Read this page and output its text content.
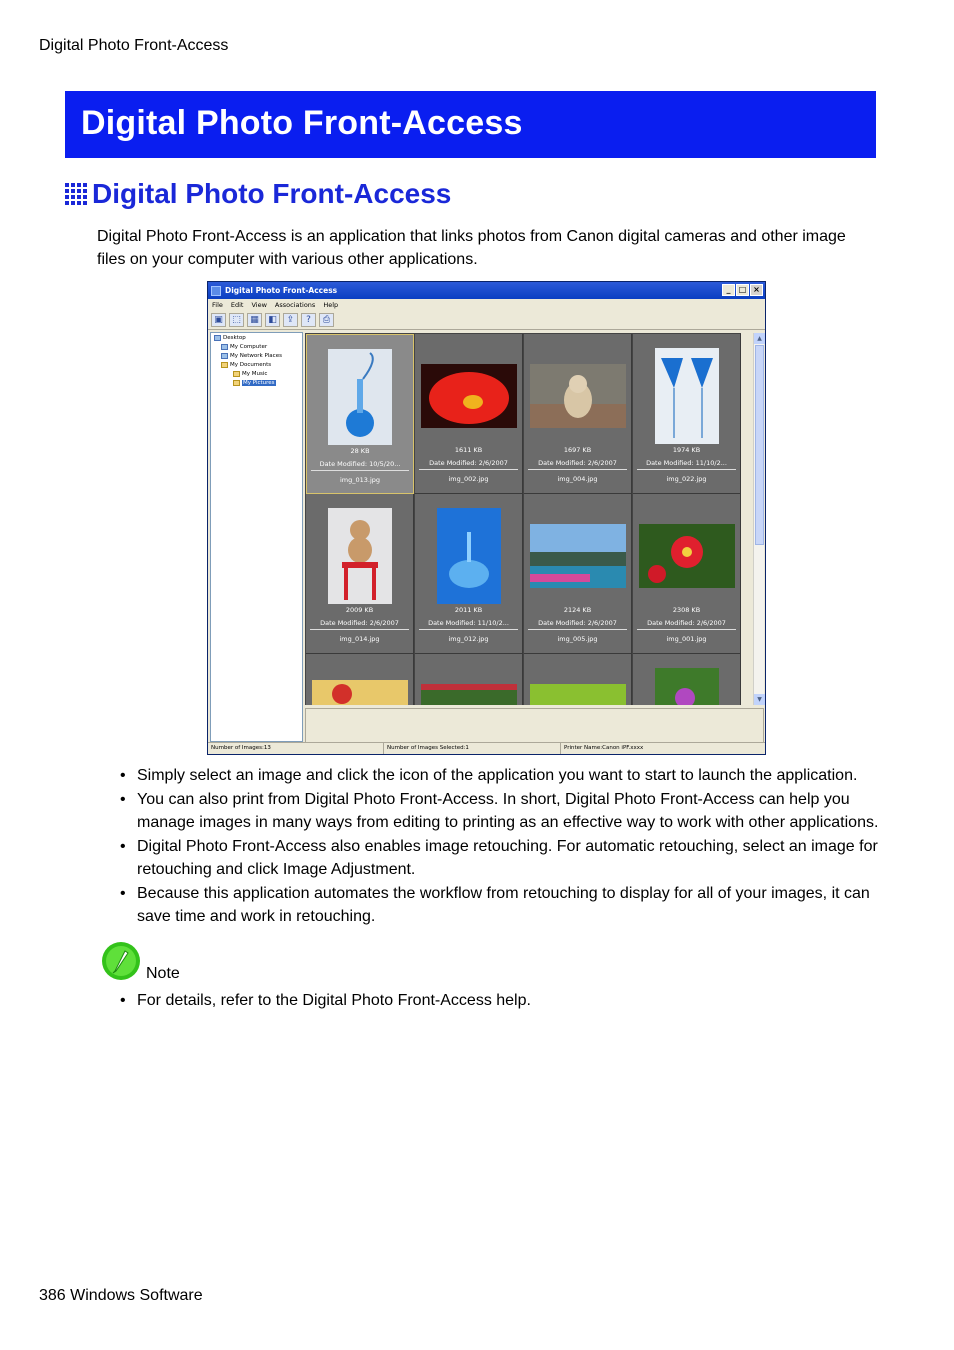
Digital Photo Front-Access
Digital Photo Front-Access
Digital Photo Front-Access

Digital Photo Front-Access is an application that links photos from Canon digital cameras and other image files on your computer with various other applications.

Digital Photo Front-Access	_	□ ×
File Edit View Associations Help
▣	⬚	▦	◧	⇪	?	⎙
Desktop
My Computer
My Network Places
My Documents
My Music
My Pictures
28 KB
Date Modified: 10/5/20...
img_013.jpg
1611 KB
Date Modified: 2/6/2007
img_002.jpg
1697 KB
Date Modified: 2/6/2007
img_004.jpg
1974 KB
Date Modified: 11/10/2...
img_022.jpg
2009 KB
Date Modified: 2/6/2007
img_014.jpg
2011 KB
Date Modified: 11/10/2...
img_012.jpg
2124 KB
Date Modified: 2/6/2007
img_005.jpg
2308 KB
Date Modified: 2/6/2007
img_001.jpg
▲
▼
Number of Images:13	Number of Images Selected:1	Printer Name:Canon iPF.xxxx
• Simply select an image and click the icon of the application you want to start to launch the application.
• You can also print from Digital Photo Front-Access. In short, Digital Photo Front-Access can help you manage images in many ways from editing to printing as an effective way to work with other applications.
• Digital Photo Front-Access also enables image retouching. For automatic retouching, select an image for retouching and click Image Adjustment.
• Because this application automates the workflow from retouching to display for all of your images, it can save time and work in retouching.
Note
• For details, refer to the Digital Photo Front-Access help.
386 Windows Software
